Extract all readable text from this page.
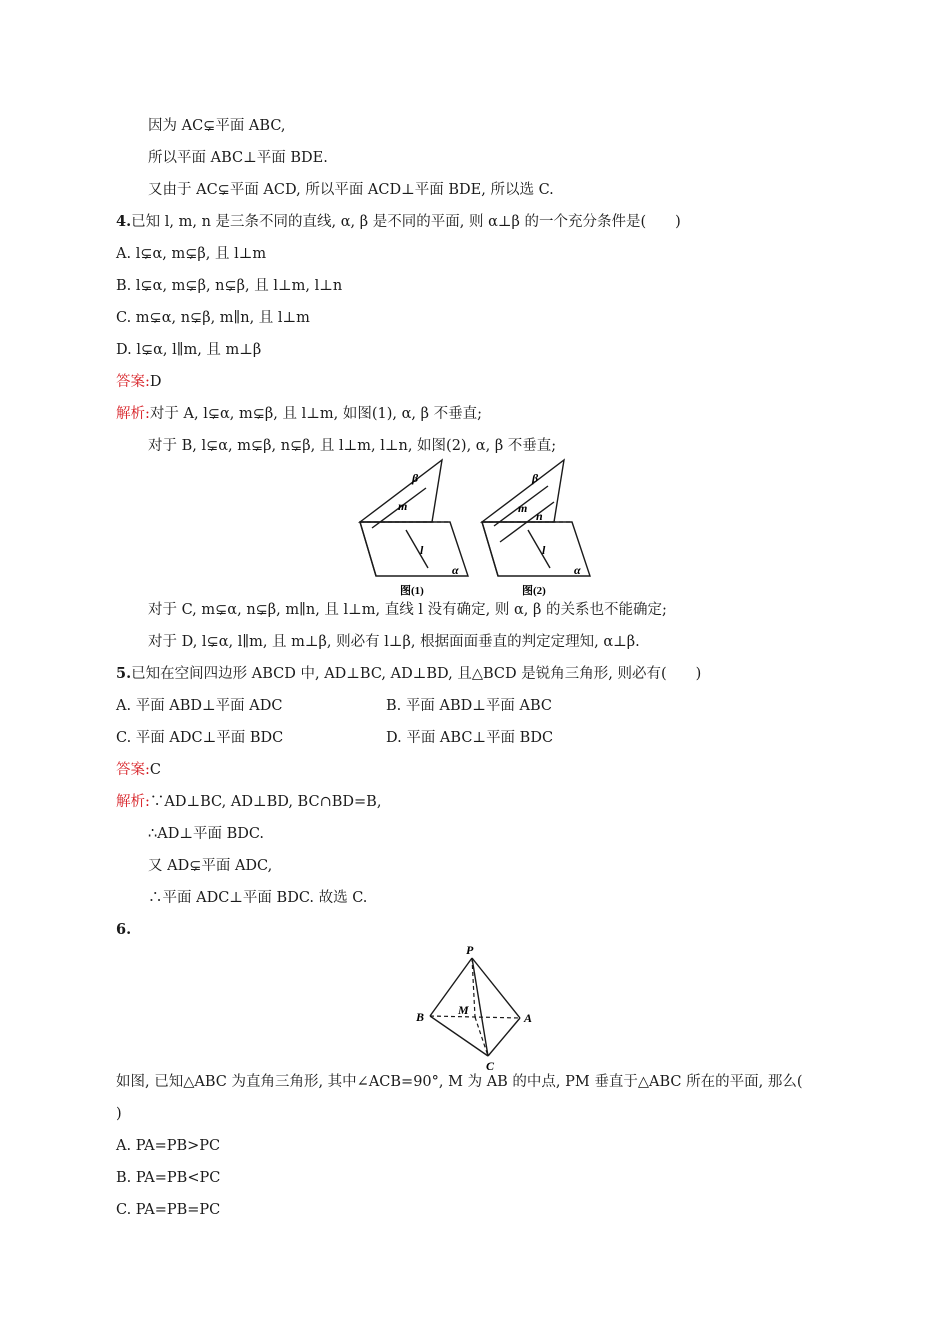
因为 AC⊊平面 ABC,
所以平面 ABC⊥平面 BDE.
又由于 AC⊊平面 ACD, 所以平面 ACD⊥平面 BDE, 所以选 C.
4.已知 l, m, n 是三条不同的直线, α, β 是不同的平面, 则 α⊥β 的一个充分条件是(　　)
A. l⊊α, m⊊β, 且 l⊥m
B. l⊊α, m⊊β, n⊊β, 且 l⊥m, l⊥n
C. m⊊α, n⊊β, m∥n, 且 l⊥m
D. l⊊α, l∥m, 且 m⊥β
答案:D
解析:对于 A, l⊊α, m⊊β, 且 l⊥m, 如图(1), α, β 不垂直;
对于 B, l⊊α, m⊊β, n⊊β, 且 l⊥m, l⊥n, 如图(2), α, β 不垂直;
β
m
l
α
图(1)
β
m
n
l
α
图(2)
对于 C, m⊊α, n⊊β, m∥n, 且 l⊥m, 直线 l 没有确定, 则 α, β 的关系也不能确定;
对于 D, l⊊α, l∥m, 且 m⊥β, 则必有 l⊥β, 根据面面垂直的判定定理知, α⊥β.
5.已知在空间四边形 ABCD 中, AD⊥BC, AD⊥BD, 且△BCD 是锐角三角形, 则必有(　　)
A. 平面 ABD⊥平面 ADC	B. 平面 ABD⊥平面 ABC
C. 平面 ADC⊥平面 BDC	D. 平面 ABC⊥平面 BDC
答案:C
解析:∵AD⊥BC, AD⊥BD, BC∩BD=B,
∴AD⊥平面 BDC.
又 AD⊊平面 ADC,
∴平面 ADC⊥平面 BDC. 故选 C.
6.
P
M
B	A
C
如图, 已知△ABC 为直角三角形, 其中∠ACB=90°, M 为 AB 的中点, PM 垂直于△ABC 所在的平面, 那么(
)
A. PA=PB>PC
B. PA=PB<PC
C. PA=PB=PC
